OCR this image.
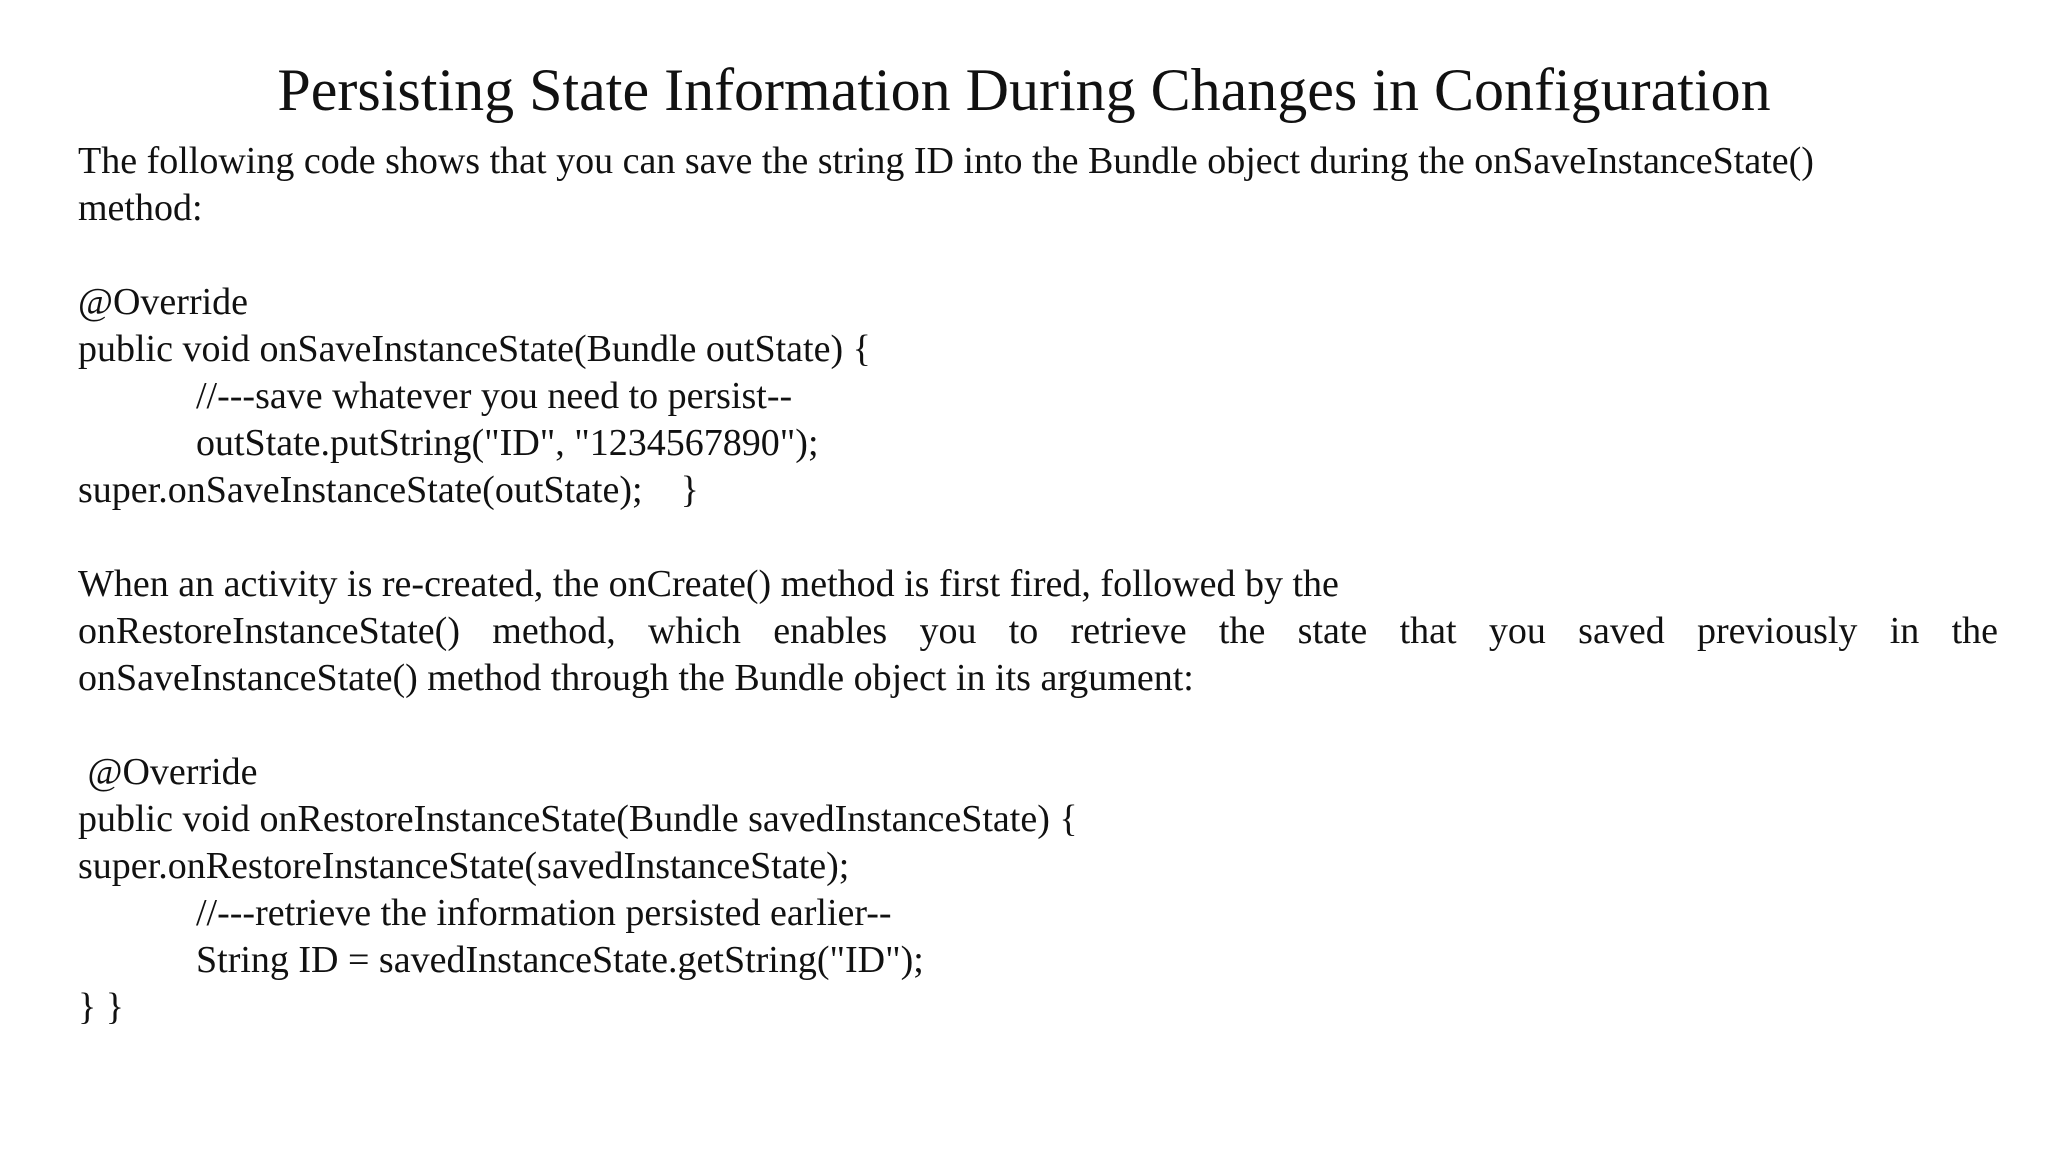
Persisting State Information During Changes in Configuration
The following code shows that you can save the string ID into the Bundle object during the onSaveInstanceState()
method:
@Override
public void onSaveInstanceState(Bundle outState) {
//---save whatever you need to persist--
outState.putString("ID", "1234567890");
super.onSaveInstanceState(outState);    }
When an activity is re-created, the onCreate() method is first fired, followed by the
onRestoreInstanceState() method, which enables you to retrieve the state that you saved previously in the
onSaveInstanceState() method through the Bundle object in its argument:
@Override
public void onRestoreInstanceState(Bundle savedInstanceState) {
super.onRestoreInstanceState(savedInstanceState);
//---retrieve the information persisted earlier--
String ID = savedInstanceState.getString("ID");
} }
